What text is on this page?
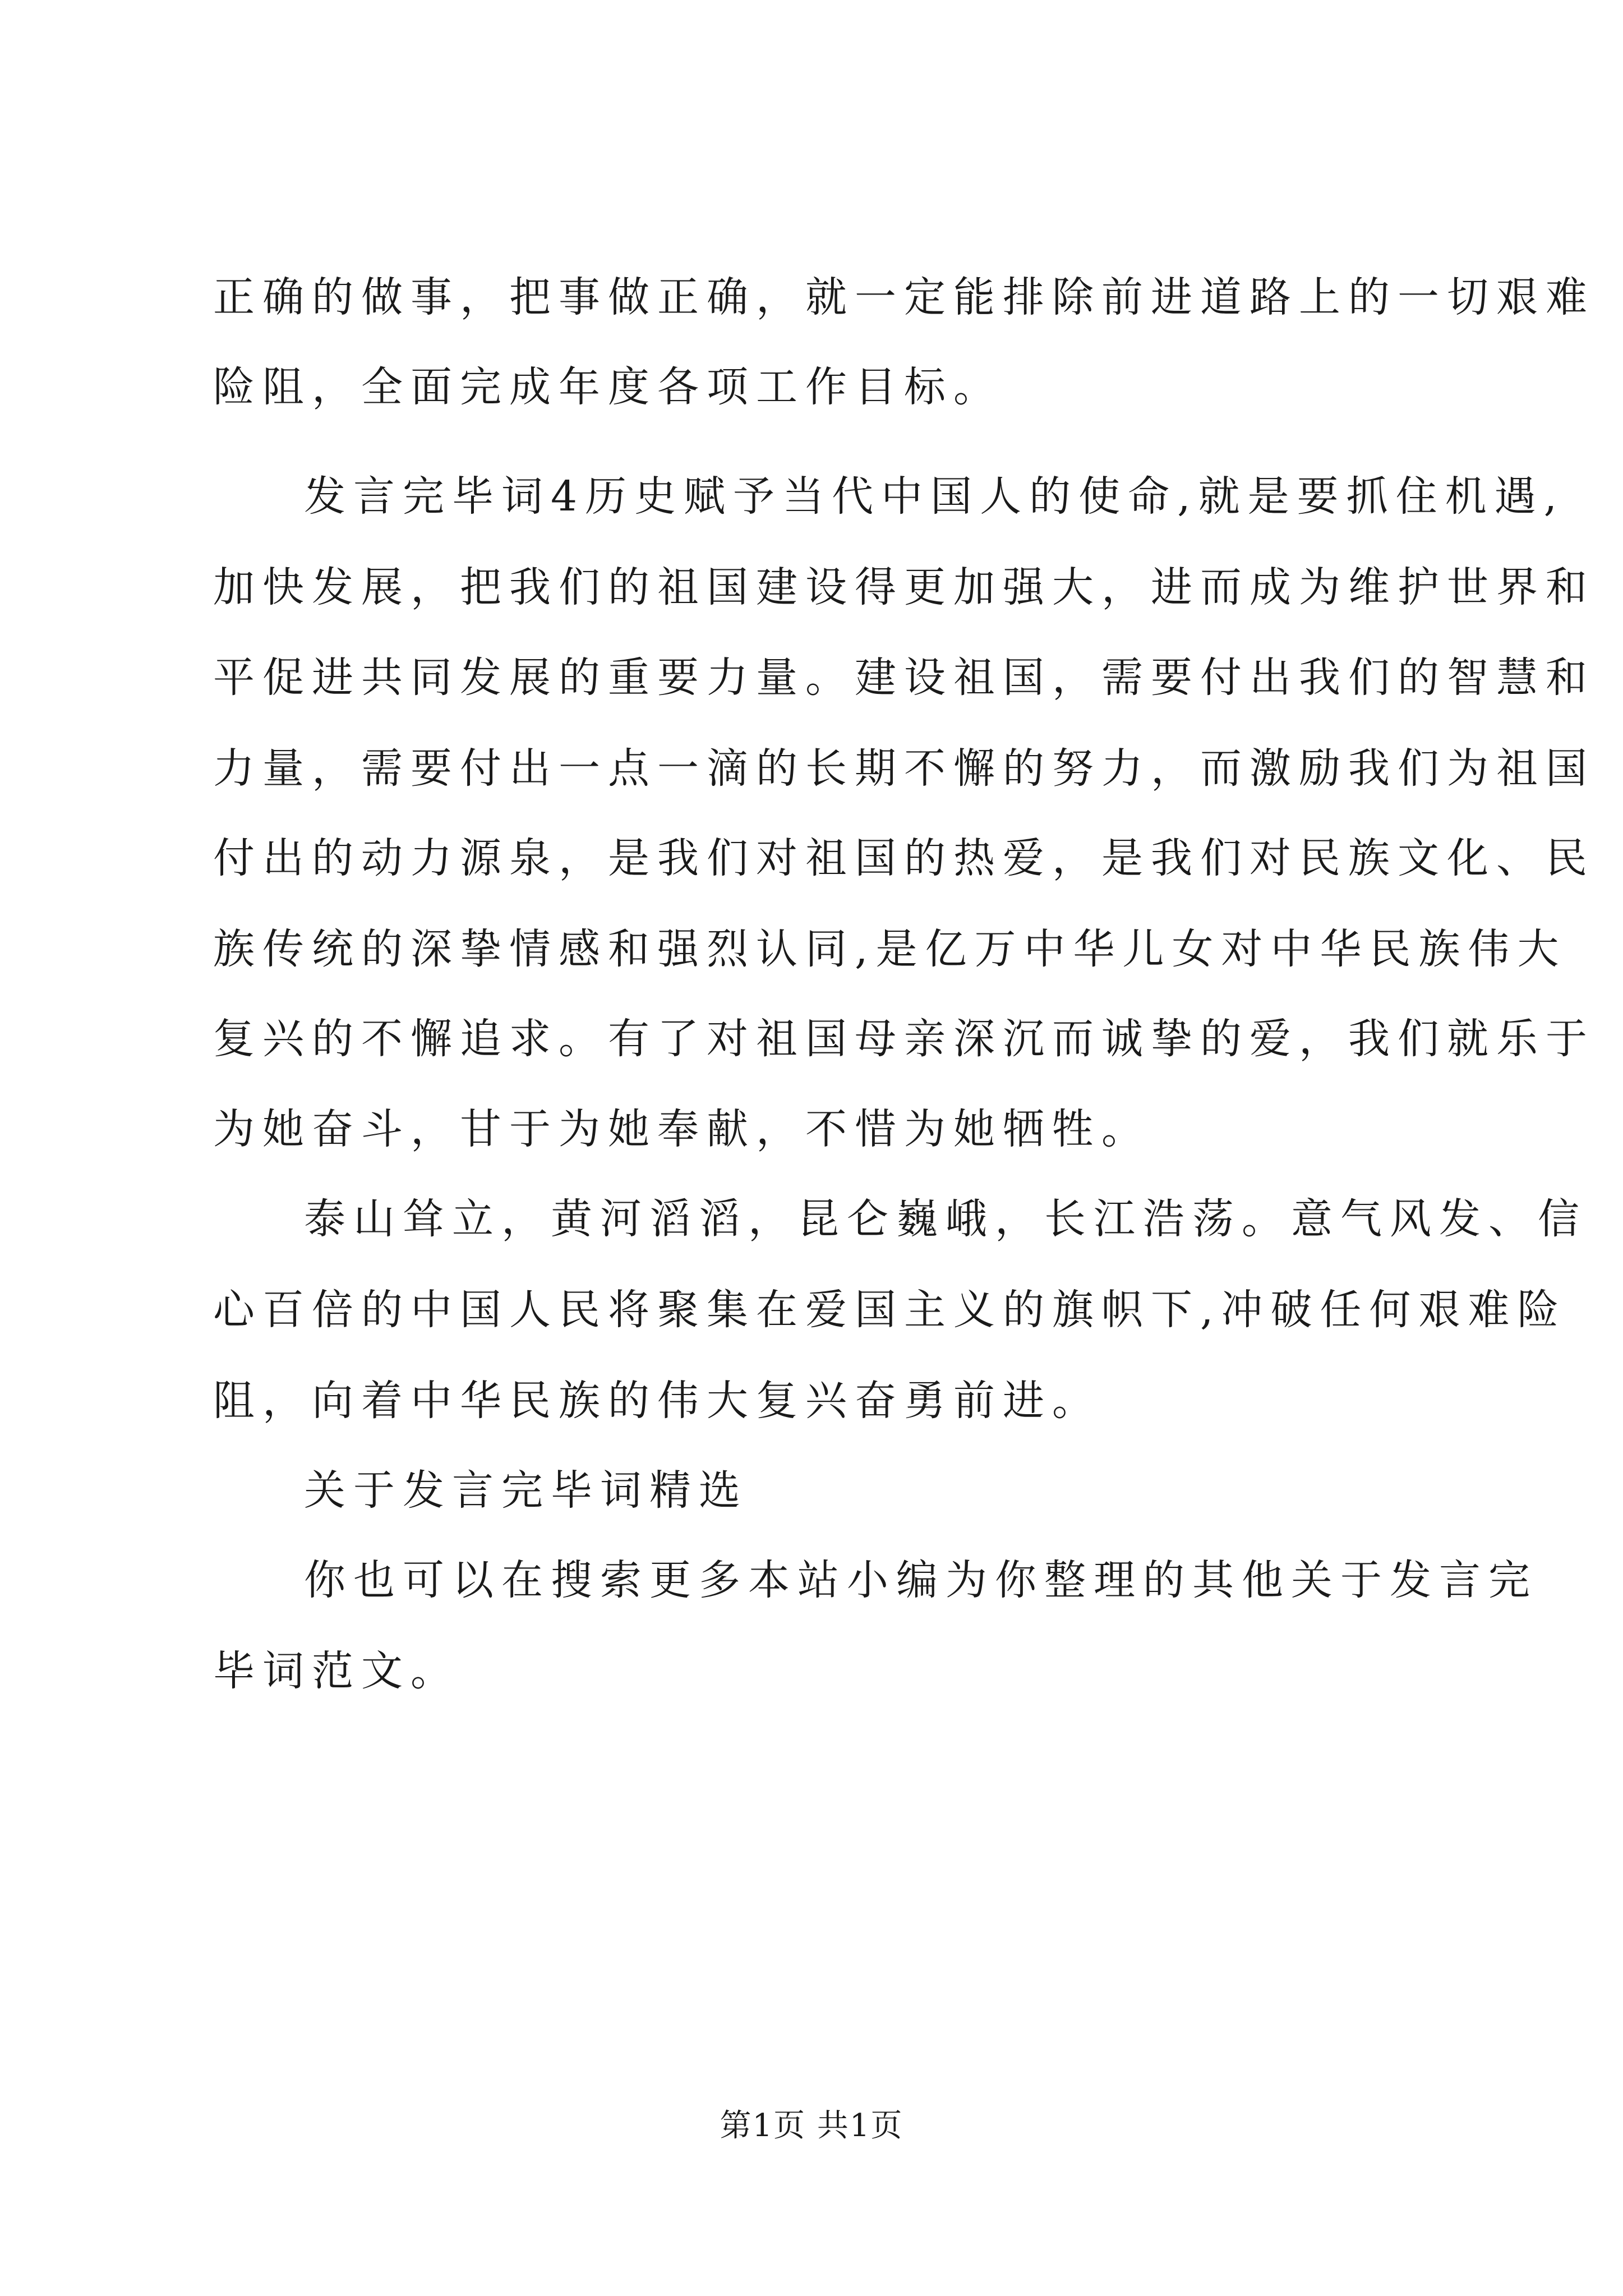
正确的做事，把事做正确，就一定能排除前进道路上的一切艰难
险阻，全面完成年度各项工作目标。
发言完毕词4历史赋予当代中国人的使命,就是要抓住机遇,
加快发展，把我们的祖国建设得更加强大，进而成为维护世界和
平促进共同发展的重要力量。建设祖国，需要付出我们的智慧和
力量，需要付出一点一滴的长期不懈的努力，而激励我们为祖国
付出的动力源泉，是我们对祖国的热爱，是我们对民族文化、民
族传统的深挚情感和强烈认同,是亿万中华儿女对中华民族伟大
复兴的不懈追求。有了对祖国母亲深沉而诚挚的爱，我们就乐于
为她奋斗，甘于为她奉献，不惜为她牺牲。
泰山耸立，黄河滔滔，昆仑巍峨，长江浩荡。意气风发、信
心百倍的中国人民将聚集在爱国主义的旗帜下,冲破任何艰难险
阻，向着中华民族的伟大复兴奋勇前进。
关于发言完毕词精选
你也可以在搜索更多本站小编为你整理的其他关于发言完
毕词范文。
第1页 共1页
